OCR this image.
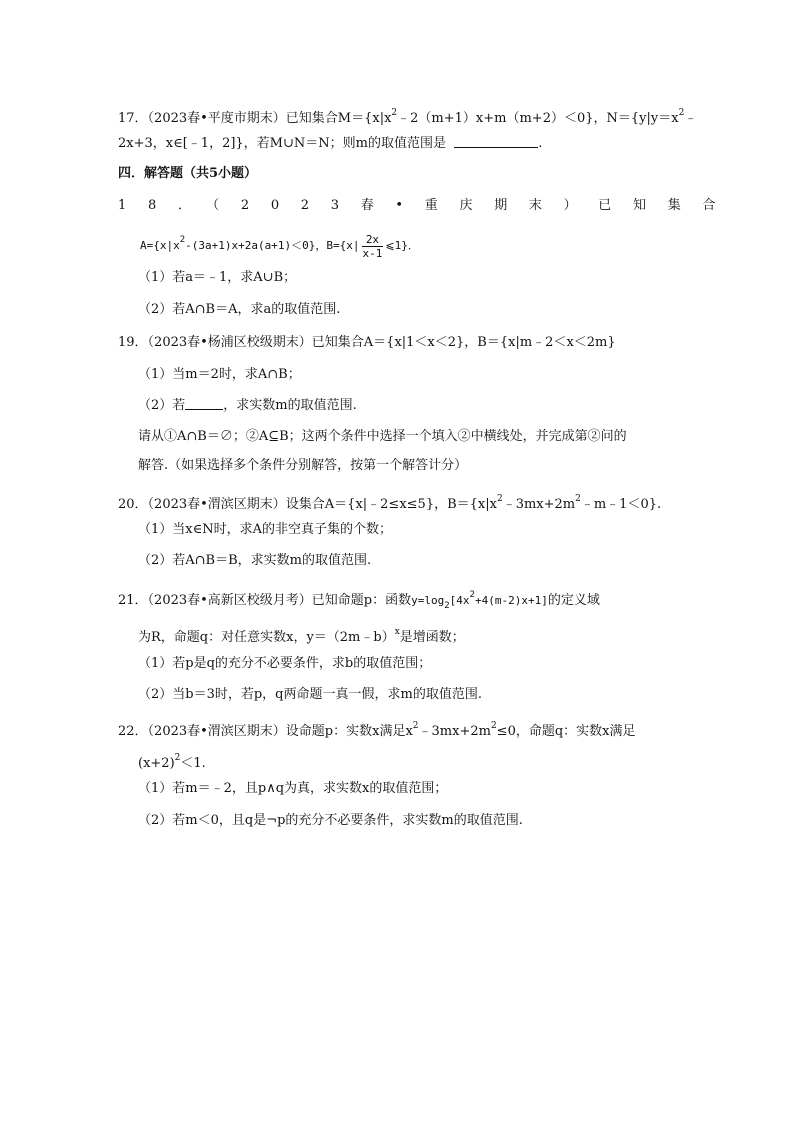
17．（2023春•平度市期末）已知集合$M=\{x|x^2﹣2(m+1)x+m(m+2)<0\}$，$N=\{y|y=x^2﹣$
2x+3，x∈[﹣1，2]}，若M∪N＝N；则m的取值范围是	.
四．解答题（共5小题）
18．（2023春•重庆期末）已知集合
$A=\{x|x^2-(3a+1)x+2a(a+1)<0\}$，$B=\{x| \frac{2x}{x-1}$ ⩽1}．
（1）若a＝﹣1，求A∪B；
（2）若A∩B＝A，求a的取值范围.
19．（2023春•杨浦区校级期末）已知集合A＝{x|1＜x＜2}，B＝{x|m﹣2＜x＜2m}
（1）当m＝2时，求A∩B；
（2）若	，求实数m的取值范围.
请从①A∩B＝∅；②A⊆B；这两个条件中选择一个填入②中横线处，并完成第②问的
解答.（如果选择多个条件分别解答，按第一个解答计分）
20．（2023春•渭滨区期末）设集合A＝{x|﹣2≤x≤5}，$B=\{x|x^2﹣3mx+2m^2﹣m﹣1<0\}$.
（1）当x∈N时，求A的非空真子集的个数；
（2）若A∩B＝B，求实数m的取值范围.
21．（2023春•高新区校级月考）已知命题p：函数$y=\log_2[4x^2+4(m-2)x+1]$的定义域
为R，命题q：对任意实数x，y＝（2m﹣b）$^x$是增函数；
（1）若p是q的充分不必要条件，求b的取值范围；
（2）当b＝3时，若p，q两命题一真一假，求m的取值范围.
22．（2023春•渭滨区期末）设命题p：实数x满足$x^2﹣3mx+2m^2\le 0$，命题q：实数x满足
$(x+2)^2<1$.
（1）若m＝﹣2，且p∧q为真，求实数x的取值范围；
（2）若m＜0，且q是¬p的充分不必要条件，求实数m的取值范围.
